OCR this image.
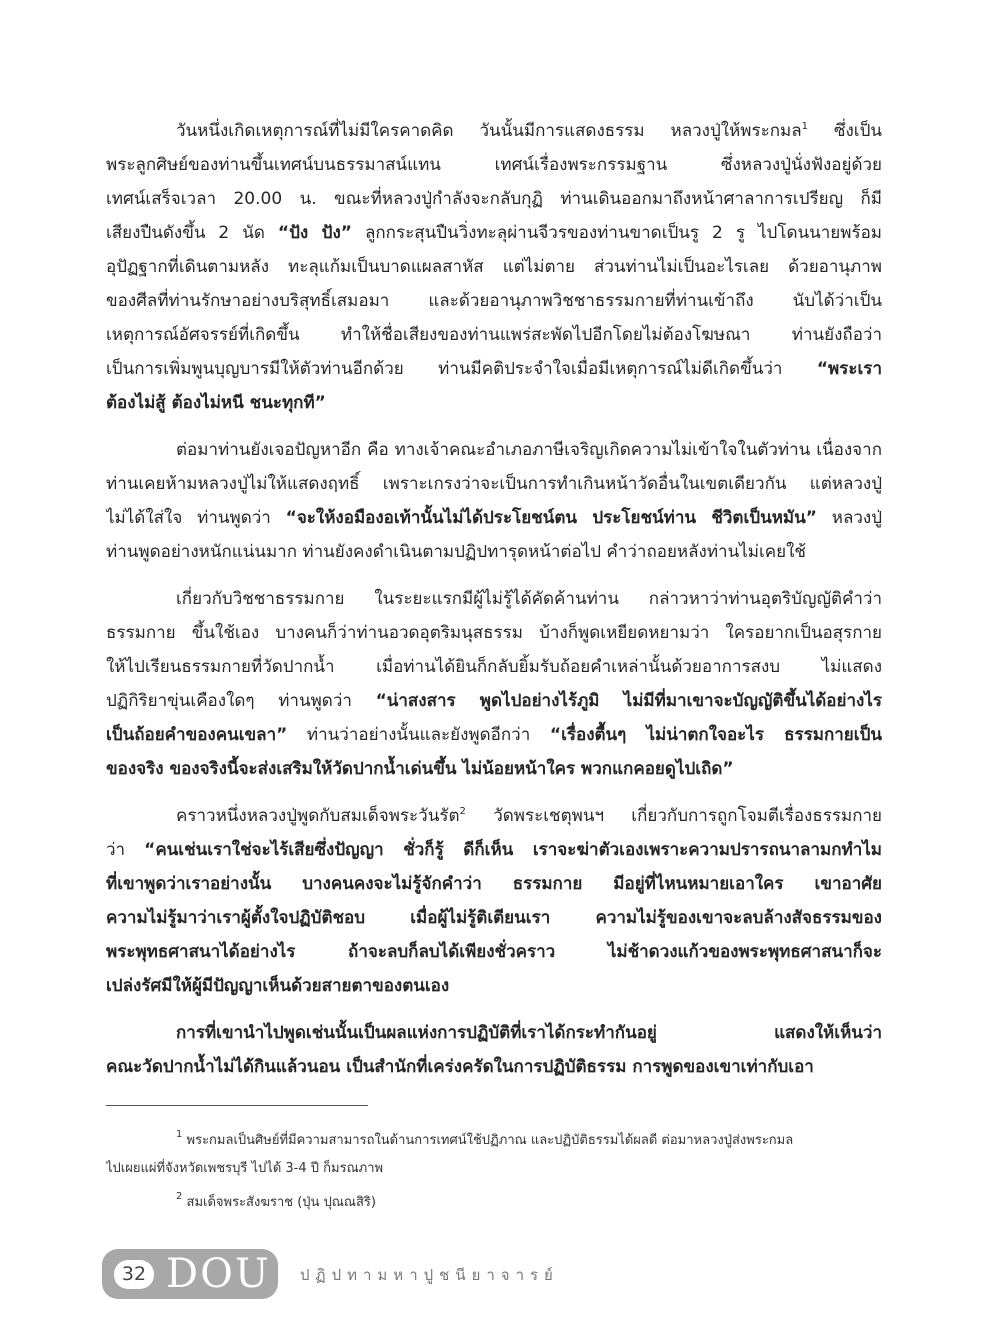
วันหนึ่งเกิดเหตุการณ์ที่ไม่มีใครคาดคิด วันนั้นมีการแสดงธรรม หลวงปู่ให้พระกมล$^1$ ซึ่งเป็น
พระลูกศิษย์ของท่านขึ้นเทศน์บนธรรมาสน์แทน เทศน์เรื่องพระกรรมฐาน ซึ่งหลวงปู่นั่งฟังอยู่ด้วย
เทศน์เสร็จเวลา 20.00 น. ขณะที่หลวงปู่กำลังจะกลับกุฏิ ท่านเดินออกมาถึงหน้าศาลาการเปรียญ ก็มี
เสียงปืนดังขึ้น 2 นัด “ปัง ปัง” ลูกกระสุนปืนวิ่งทะลุผ่านจีวรของท่านขาดเป็นรู 2 รู ไปโดนนายพร้อม
อุปัฏฐากที่เดินตามหลัง ทะลุแก้มเป็นบาดแผลสาหัส แต่ไม่ตาย ส่วนท่านไม่เป็นอะไรเลย ด้วยอานุภาพ
ของศีลที่ท่านรักษาอย่างบริสุทธิ์เสมอมา และด้วยอานุภาพวิชชาธรรมกายที่ท่านเข้าถึง นับได้ว่าเป็น
เหตุการณ์อัศจรรย์ที่เกิดขึ้น ทำให้ชื่อเสียงของท่านแพร่สะพัดไปอีกโดยไม่ต้องโฆษณา ท่านยังถือว่า
เป็นการเพิ่มพูนบุญบารมีให้ตัวท่านอีกด้วย ท่านมีคติประจำใจเมื่อมีเหตุการณ์ไม่ดีเกิดขึ้นว่า “พระเรา
ต้องไม่สู้ ต้องไม่หนี ชนะทุกที”

ต่อมาท่านยังเจอปัญหาอีก คือ ทางเจ้าคณะอำเภอภาษีเจริญเกิดความไม่เข้าใจในตัวท่าน เนื่องจาก
ท่านเคยห้ามหลวงปู่ไม่ให้แสดงฤทธิ์ เพราะเกรงว่าจะเป็นการทำเกินหน้าวัดอื่นในเขตเดียวกัน แต่หลวงปู่
ไม่ได้ใส่ใจ ท่านพูดว่า “จะให้งอมืองอเท้านั้นไม่ได้ประโยชน์ตน ประโยชน์ท่าน ชีวิตเป็นหมัน” หลวงปู่
ท่านพูดอย่างหนักแน่นมาก ท่านยังคงดำเนินตามปฏิปทารุดหน้าต่อไป คำว่าถอยหลังท่านไม่เคยใช้

เกี่ยวกับวิชชาธรรมกาย ในระยะแรกมีผู้ไม่รู้ได้คัดค้านท่าน กล่าวหาว่าท่านอุตริบัญญัติคำว่า
ธรรมกาย ขึ้นใช้เอง บางคนก็ว่าท่านอวดอุตริมนุสธรรม บ้างก็พูดเหยียดหยามว่า ใครอยากเป็นอสุรกาย
ให้ไปเรียนธรรมกายที่วัดปากน้ำ เมื่อท่านได้ยินก็กลับยิ้มรับถ้อยคำเหล่านั้นด้วยอาการสงบ ไม่แสดง
ปฏิกิริยาขุ่นเคืองใดๆ ท่านพูดว่า “น่าสงสาร พูดไปอย่างไร้ภูมิ ไม่มีที่มาเขาจะบัญญัติขึ้นได้อย่างไร
เป็นถ้อยคำของคนเขลา” ท่านว่าอย่างนั้นและยังพูดอีกว่า “เรื่องตื้นๆ ไม่น่าตกใจอะไร ธรรมกายเป็น
ของจริง ของจริงนี้จะส่งเสริมให้วัดปากน้ำเด่นขึ้น ไม่น้อยหน้าใคร พวกแกคอยดูไปเถิด”

คราวหนึ่งหลวงปู่พูดกับสมเด็จพระวันรัต$^2$ วัดพระเชตุพนฯ เกี่ยวกับการถูกโจมตีเรื่องธรรมกาย
ว่า “คนเช่นเราใช่จะไร้เสียซึ่งปัญญา ชั่วก็รู้ ดีก็เห็น เราจะฆ่าตัวเองเพราะความปรารถนาลามกทำไม
ที่เขาพูดว่าเราอย่างนั้น บางคนคงจะไม่รู้จักคำว่า ธรรมกาย มีอยู่ที่ไหนหมายเอาใคร เขาอาศัย
ความไม่รู้มาว่าเราผู้ตั้งใจปฏิบัติชอบ เมื่อผู้ไม่รู้ติเตียนเรา ความไม่รู้ของเขาจะลบล้างสัจธรรมของ
พระพุทธศาสนาได้อย่างไร ถ้าจะลบก็ลบได้เพียงชั่วคราว ไม่ช้าดวงแก้วของพระพุทธศาสนาก็จะ
เปล่งรัศมีให้ผู้มีปัญญาเห็นด้วยสายตาของตนเอง

การที่เขานำไปพูดเช่นนั้นเป็นผลแห่งการปฏิบัติที่เราได้กระทำกันอยู่ แสดงให้เห็นว่า
คณะวัดปากน้ำไม่ได้กินแล้วนอน เป็นสำนักที่เคร่งครัดในการปฏิบัติธรรม การพูดของเขาเท่ากับเอา

$^1$ พระกมลเป็นศิษย์ที่มีความสามารถในด้านการเทศน์ใช้ปฏิภาณ และปฏิบัติธรรมได้ผลดี ต่อมาหลวงปู่ส่งพระกมล
ไปเผยแผ่ที่จังหวัดเพชรบุรี ไปได้ 3-4 ปี ก็มรณภาพ
$^2$ สมเด็จพระสังฆราช (ปุ่น ปุณณสิริ)
32 DOU ปฏิปทามหาปูชนียาจารย์
